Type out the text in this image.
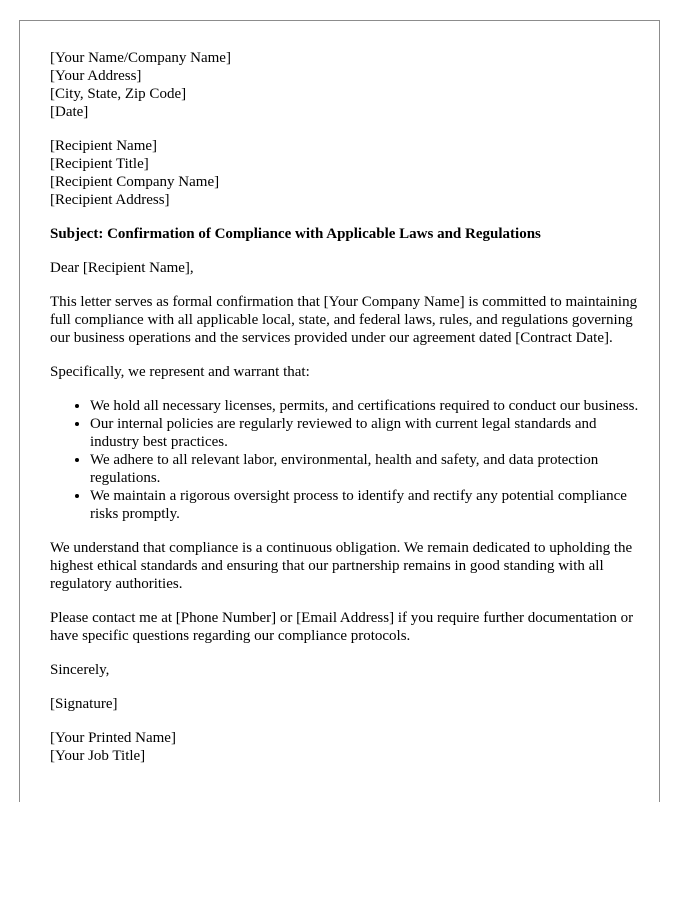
[Your Name/Company Name]
[Your Address]
[City, State, Zip Code]
[Date]
[Recipient Name]
[Recipient Title]
[Recipient Company Name]
[Recipient Address]

Subject: Confirmation of Compliance with Applicable Laws and Regulations

Dear [Recipient Name],

This letter serves as formal confirmation that [Your Company Name] is committed to maintaining full compliance with all applicable local, state, and federal laws, rules, and regulations governing our business operations and the services provided under our agreement dated [Contract Date].

Specifically, we represent and warrant that:

• We hold all necessary licenses, permits, and certifications required to conduct our business.
• Our internal policies are regularly reviewed to align with current legal standards and industry best practices.
• We adhere to all relevant labor, environmental, health and safety, and data protection regulations.
• We maintain a rigorous oversight process to identify and rectify any potential compliance risks promptly.

We understand that compliance is a continuous obligation. We remain dedicated to upholding the highest ethical standards and ensuring that our partnership remains in good standing with all regulatory authorities.

Please contact me at [Phone Number] or [Email Address] if you require further documentation or have specific questions regarding our compliance protocols.

Sincerely,

[Signature]

[Your Printed Name]
[Your Job Title]
